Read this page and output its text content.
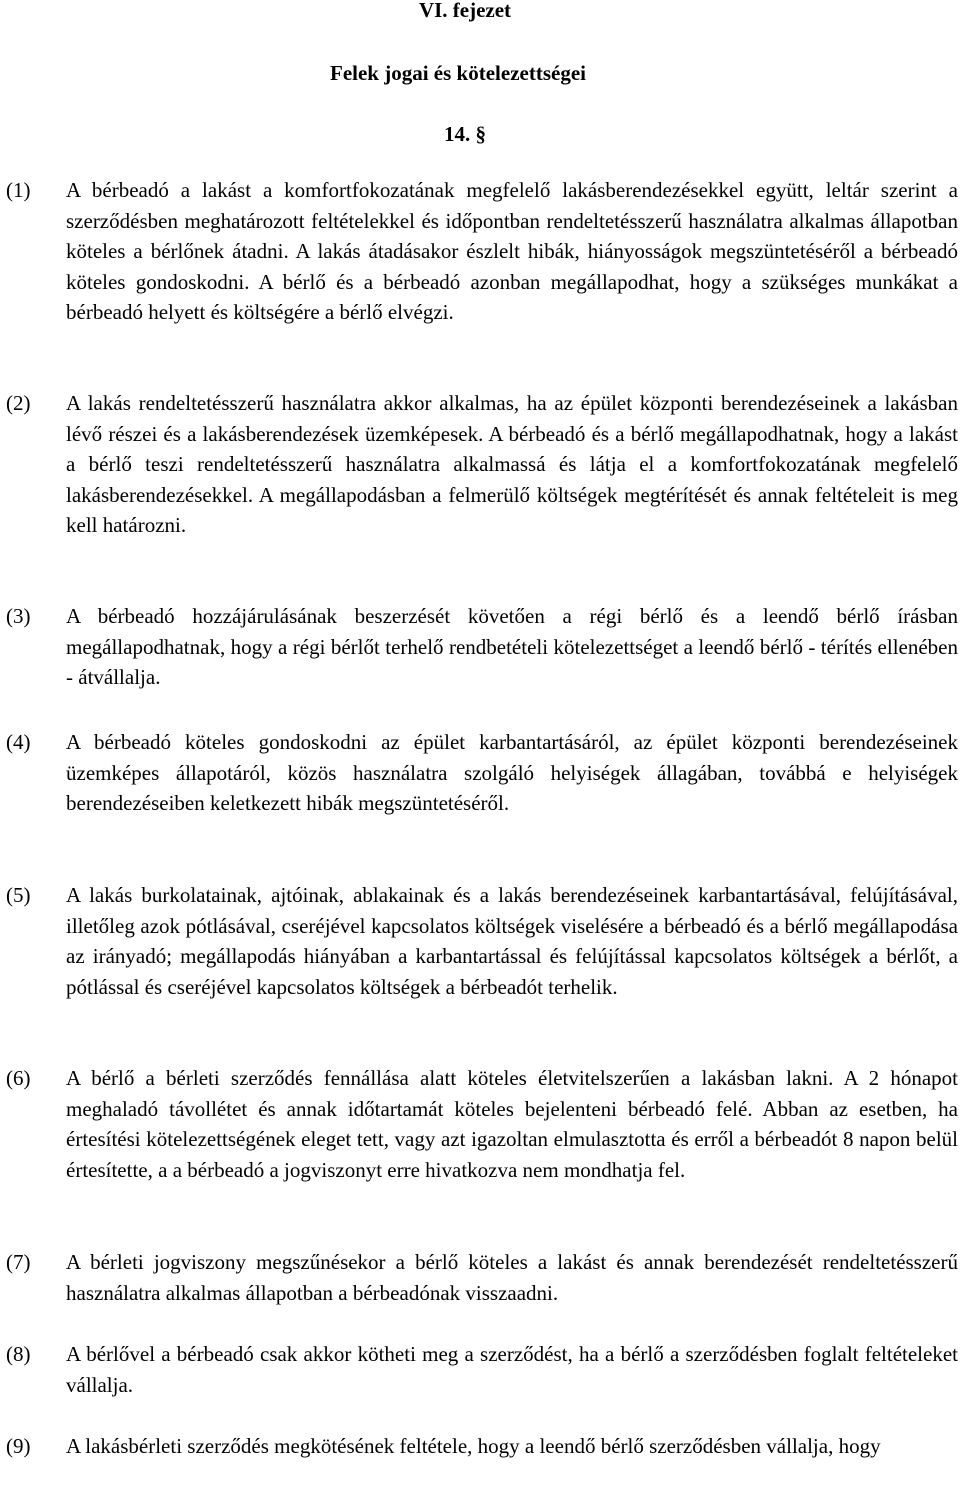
VI. fejezet
Felek jogai és kötelezettségei
14. §
(1) A bérbeadó a lakást a komfortfokozatának megfelelő lakásberendezésekkel együtt, leltár szerint a szerződésben meghatározott feltételekkel és időpontban rendeltetésszerű használatra alkalmas állapotban köteles a bérlőnek átadni. A lakás átadásakor észlelt hibák, hiányosságok megszüntetéséről a bérbeadó köteles gondoskodni. A bérlő és a bérbeadó azonban megállapodhat, hogy a szükséges munkákat a bérbeadó helyett és költségére a bérlő elvégzi.
(2) A lakás rendeltetésszerű használatra akkor alkalmas, ha az épület központi berendezéseinek a lakásban lévő részei és a lakásberendezések üzemképesek. A bérbeadó és a bérlő megállapodhatnak, hogy a lakást a bérlő teszi rendeltetésszerű használatra alkalmassá és látja el a komfortfokozatának megfelelő lakásberendezésekkel. A megállapodásban a felmerülő költségek megtérítését és annak feltételeit is meg kell határozni.
(3) A bérbeadó hozzájárulásának beszerzését követően a régi bérlő és a leendő bérlő írásban megállapodhatnak, hogy a régi bérlőt terhelő rendbetételi kötelezettséget a leendő bérlő - térítés ellenében - átvállalja.
(4) A bérbeadó köteles gondoskodni az épület karbantartásáról, az épület központi berendezéseinek üzemképes állapotáról, közös használatra szolgáló helyiségek állagában, továbbá e helyiségek berendezéseiben keletkezett hibák megszüntetéséről.
(5) A lakás burkolatainak, ajtóinak, ablakainak és a lakás berendezéseinek karbantartásával, felújításával, illetőleg azok pótlásával, cseréjével kapcsolatos költségek viselésére a bérbeadó és a bérlő megállapodása az irányadó; megállapodás hiányában a karbantartással és felújítással kapcsolatos költségek a bérlőt, a pótlással és cseréjével kapcsolatos költségek a bérbeadót terhelik.
(6) A bérlő a bérleti szerződés fennállása alatt köteles életvitelszerűen a lakásban lakni. A 2 hónapot meghaladó távollétet és annak időtartamát köteles bejelenteni bérbeadó felé. Abban az esetben, ha értesítési kötelezettségének eleget tett, vagy azt igazoltan elmulasztotta és erről a bérbeadót 8 napon belül értesítette, a a bérbeadó a jogviszonyt erre hivatkozva nem mondhatja fel.
(7) A bérleti jogviszony megszűnésekor a bérlő köteles a lakást és annak berendezését rendeltetésszerű használatra alkalmas állapotban a bérbeadónak visszaadni.
(8) A bérlővel a bérbeadó csak akkor kötheti meg a szerződést, ha a bérlő a szerződésben foglalt feltételeket vállalja.
(9) A lakásbérleti szerződés megkötésének feltétele, hogy a leendő bérlő szerződésben vállalja, hogy
